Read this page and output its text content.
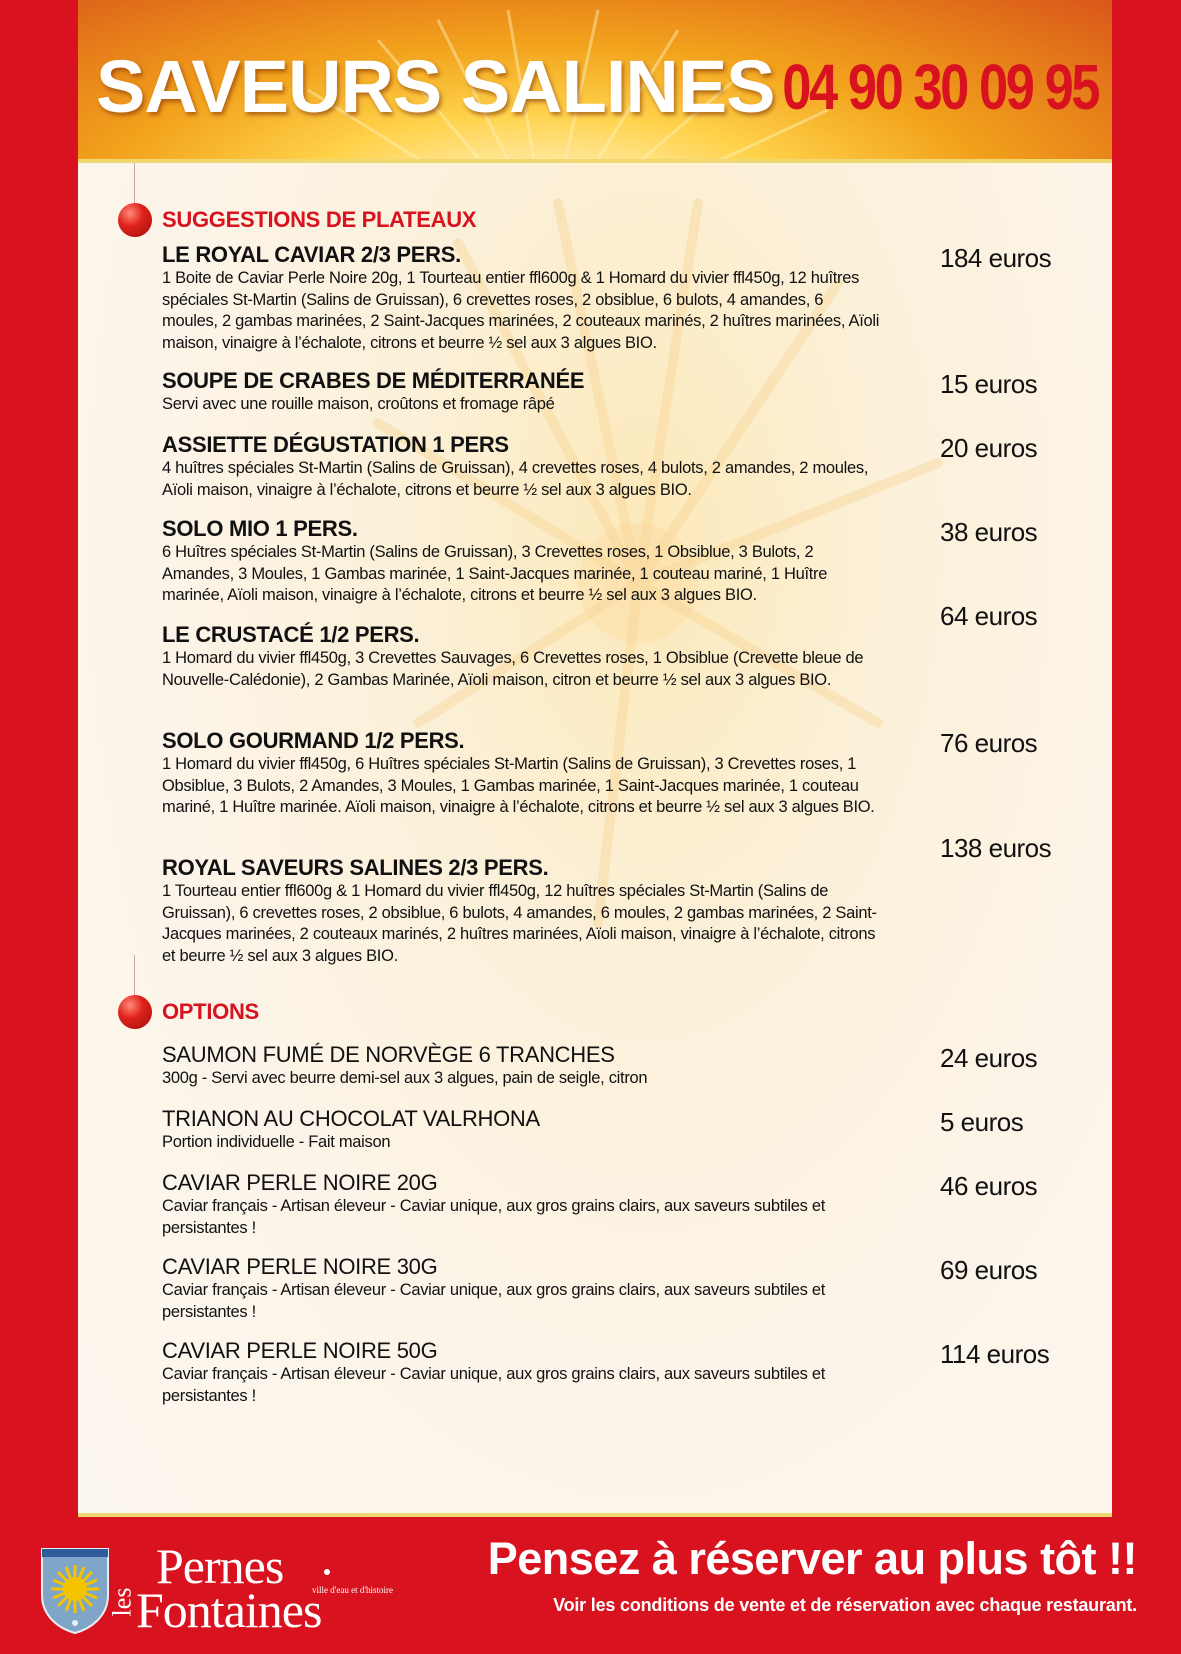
SAVEURS SALINES 04 90 30 09 95
SUGGESTIONS DE PLATEAUX
LE ROYAL CAVIAR 2/3 PERS.
1 Boite de Caviar Perle Noire 20g, 1 Tourteau entier ffl600g & 1 Homard du vivier ffl450g, 12 huîtres spéciales St-Martin (Salins de Gruissan), 6 crevettes roses, 2 obsiblue, 6 bulots, 4 amandes, 6 moules, 2 gambas marinées, 2 Saint-Jacques marinées, 2 couteaux marinés, 2 huîtres marinées, Aïoli maison, vinaigre à l’échalote, citrons et beurre ½ sel aux 3 algues BIO.
184 euros
SOUPE DE CRABES DE MÉDITERRANÉE
Servi avec une rouille maison, croûtons et fromage râpé
15 euros
ASSIETTE DÉGUSTATION 1 PERS
4 huîtres spéciales St-Martin (Salins de Gruissan), 4 crevettes roses, 4 bulots, 2 amandes, 2 moules, Aïoli maison, vinaigre à l’échalote, citrons et beurre ½ sel aux 3 algues BIO.
20 euros
SOLO MIO 1 PERS.
6 Huîtres spéciales St-Martin (Salins de Gruissan), 3 Crevettes roses, 1 Obsiblue, 3 Bulots, 2 Amandes, 3 Moules, 1 Gambas marinée, 1 Saint-Jacques marinée, 1 couteau mariné, 1 Huître marinée, Aïoli maison, vinaigre à l’échalote, citrons et beurre ½ sel aux 3 algues BIO.
38 euros
LE CRUSTACÉ 1/2 PERS.
1 Homard du vivier ffl450g, 3 Crevettes Sauvages, 6 Crevettes roses, 1 Obsiblue (Crevette bleue de Nouvelle-Calédonie), 2 Gambas Marinée, Aïoli maison, citron et beurre ½ sel aux 3 algues BIO.
64 euros
SOLO GOURMAND 1/2 PERS.
1 Homard du vivier ffl450g, 6 Huîtres spéciales St-Martin (Salins de Gruissan), 3 Crevettes roses, 1 Obsiblue, 3 Bulots, 2 Amandes, 3 Moules, 1 Gambas marinée, 1 Saint-Jacques marinée, 1 couteau mariné, 1 Huître marinée. Aïoli maison, vinaigre à l’échalote, citrons et beurre ½ sel aux 3 algues BIO.
76 euros
ROYAL SAVEURS SALINES 2/3 PERS.
1 Tourteau entier ffl600g & 1 Homard du vivier ffl450g, 12 huîtres spéciales St-Martin (Salins de Gruissan), 6 crevettes roses, 2 obsiblue, 6 bulots, 4 amandes, 6 moules, 2 gambas marinées, 2 Saint-Jacques marinées, 2 couteaux marinés, 2 huîtres marinées, Aïoli maison, vinaigre à l’échalote, citrons et beurre ½ sel aux 3 algues BIO.
138 euros
OPTIONS
SAUMON FUMÉ DE NORVÈGE 6 TRANCHES
300g - Servi avec beurre demi-sel aux 3 algues, pain de seigle, citron
24 euros
TRIANON AU CHOCOLAT VALRHONA
Portion individuelle - Fait maison
5 euros
CAVIAR PERLE NOIRE 20G
Caviar français - Artisan éleveur - Caviar unique, aux gros grains clairs, aux saveurs subtiles et persistantes !
46 euros
CAVIAR PERLE NOIRE 30G
Caviar français - Artisan éleveur - Caviar unique, aux gros grains clairs, aux saveurs subtiles et persistantes !
69 euros
CAVIAR PERLE NOIRE 50G
Caviar français - Artisan éleveur - Caviar unique, aux gros grains clairs, aux saveurs subtiles et persistantes !
114 euros
les
Pernes	ville d'eau et d'histoire
Fontaines
Pensez à réserver au plus tôt !!
Voir les conditions de vente et de réservation avec chaque restaurant.
